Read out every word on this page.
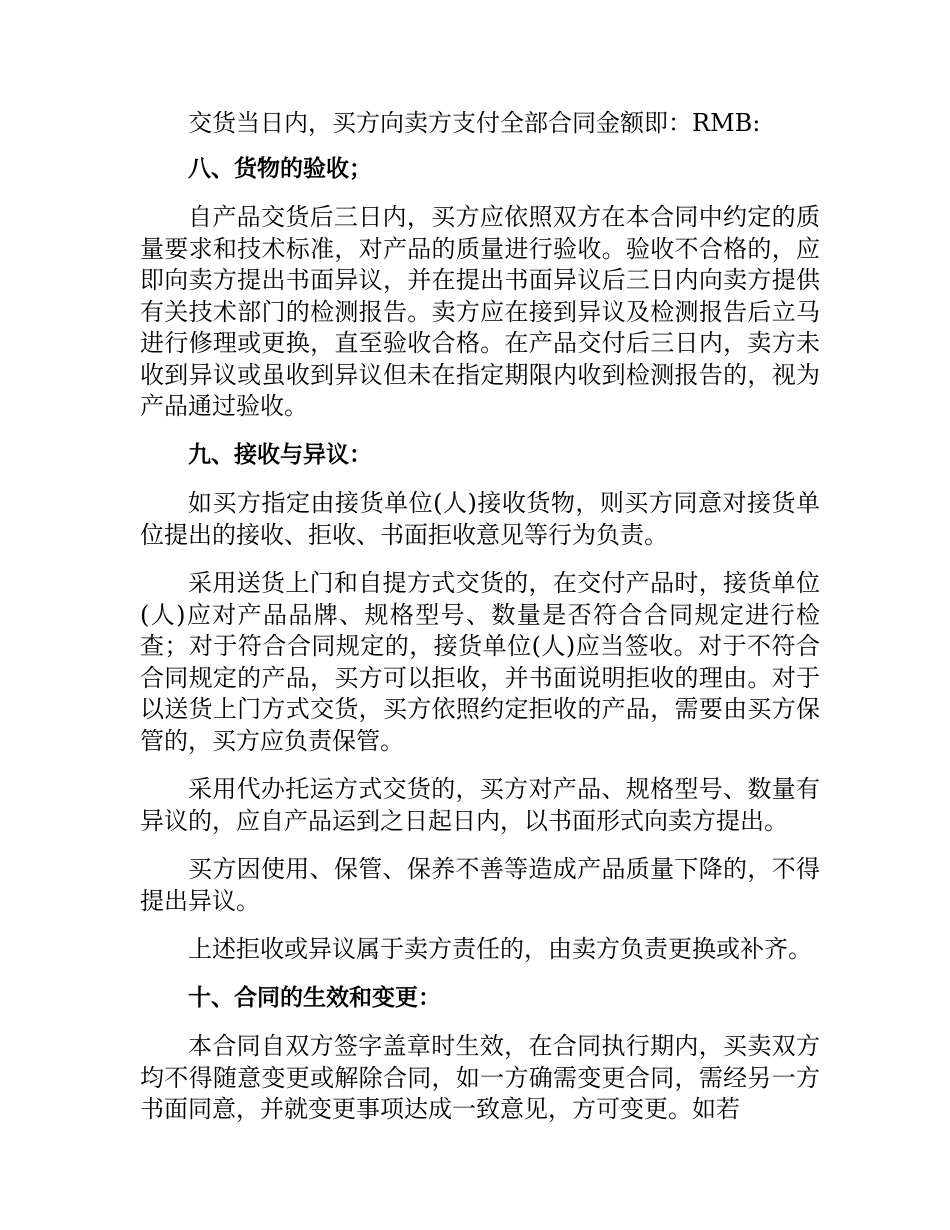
交货当日内，买方向卖方支付全部合同金额即：RMB:

八、货物的验收；

自产品交货后三日内，买方应依照双方在本合同中约定的质量要求和技术标准，对产品的质量进行验收。验收不合格的，应即向卖方提出书面异议，并在提出书面异议后三日内向卖方提供有关技术部门的检测报告。卖方应在接到异议及检测报告后立马进行修理或更换，直至验收合格。在产品交付后三日内，卖方未收到异议或虽收到异议但未在指定期限内收到检测报告的，视为产品通过验收。

九、接收与异议：

如买方指定由接货单位(人)接收货物，则买方同意对接货单位提出的接收、拒收、书面拒收意见等行为负责。

采用送货上门和自提方式交货的，在交付产品时，接货单位(人)应对产品品牌、规格型号、数量是否符合合同规定进行检查；对于符合合同规定的，接货单位(人)应当签收。对于不符合合同规定的产品，买方可以拒收，并书面说明拒收的理由。对于以送货上门方式交货，买方依照约定拒收的产品，需要由买方保管的，买方应负责保管。

采用代办托运方式交货的，买方对产品、规格型号、数量有异议的，应自产品运到之日起日内，以书面形式向卖方提出。

买方因使用、保管、保养不善等造成产品质量下降的，不得提出异议。

上述拒收或异议属于卖方责任的，由卖方负责更换或补齐。

十、合同的生效和变更：

本合同自双方签字盖章时生效，在合同执行期内，买卖双方均不得随意变更或解除合同，如一方确需变更合同，需经另一方书面同意，并就变更事项达成一致意见，方可变更。如若
